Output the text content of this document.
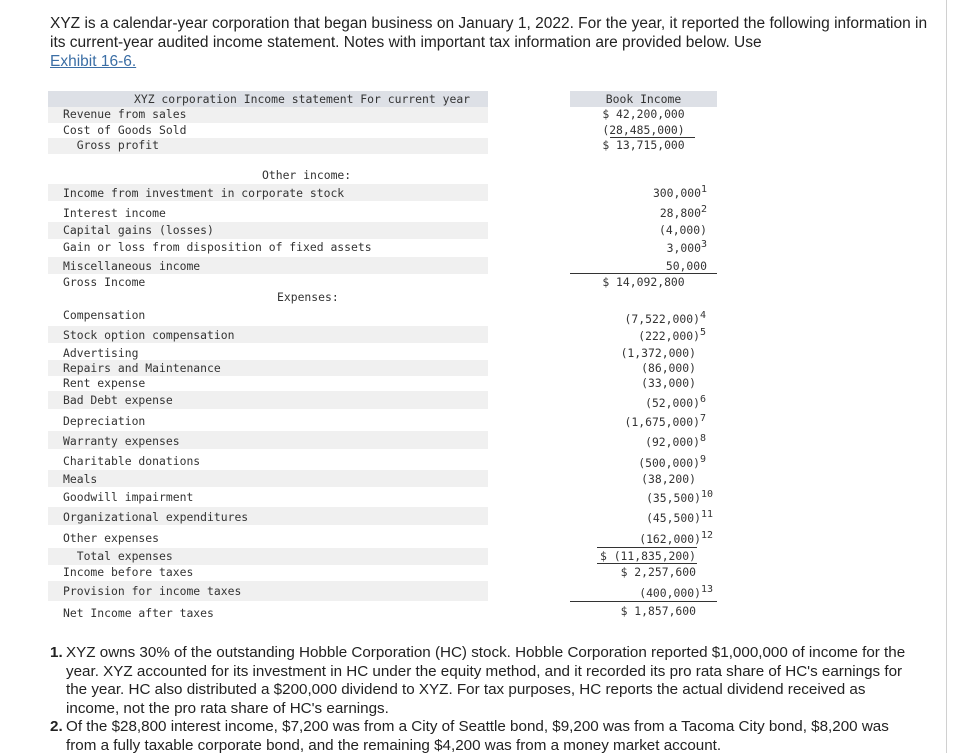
XYZ is a calendar-year corporation that began business on January 1, 2022. For the year, it reported the following information in its current-year audited income statement. Notes with important tax information are provided below. Use
Exhibit 16-6.
XYZ corporation Income statement For current year	Book Income
Revenue from sales	$ 42,200,000
Cost of Goods Sold	(28,485,000)
Gross profit	$ 13,715,000
Other income:
Income from investment in corporate stock	300,000$^1$
Interest income	28,800$^2$
Capital gains (losses)	(4,000)
Gain or loss from disposition of fixed assets	3,000$^3$
Miscellaneous income	50,000
Gross Income	$ 14,092,800
Expenses:
Compensation	$(7,522,000)^4$
Stock option compensation	$(222,000)^5$
Advertising	(1,372,000)
Repairs and Maintenance	(86,000)
Rent expense	(33,000)
Bad Debt expense	$(52,000)^6$
Depreciation	$(1,675,000)^7$
Warranty expenses	$(92,000)^8$
Charitable donations	$(500,000)^9$
Meals	(38,200)
Goodwill impairment	$(35,500)^{10}$
Organizational expenditures	$(45,500)^{11}$
Other expenses	$(162,000)^{12}$
Total expenses	$ (11,835,200)
Income before taxes	$ 2,257,600
Provision for income taxes	$(400,000)^{13}$
Net Income after taxes	$ 1,857,600
1. XYZ owns 30% of the outstanding Hobble Corporation (HC) stock. Hobble Corporation reported $1,000,000 of income for the year. XYZ accounted for its investment in HC under the equity method, and it recorded its pro rata share of HC's earnings for the year. HC also distributed a $200,000 dividend to XYZ. For tax purposes, HC reports the actual dividend received as income, not the pro rata share of HC's earnings.
2. Of the $28,800 interest income, $7,200 was from a City of Seattle bond, $9,200 was from a Tacoma City bond, $8,200 was from a fully taxable corporate bond, and the remaining $4,200 was from a money market account.
